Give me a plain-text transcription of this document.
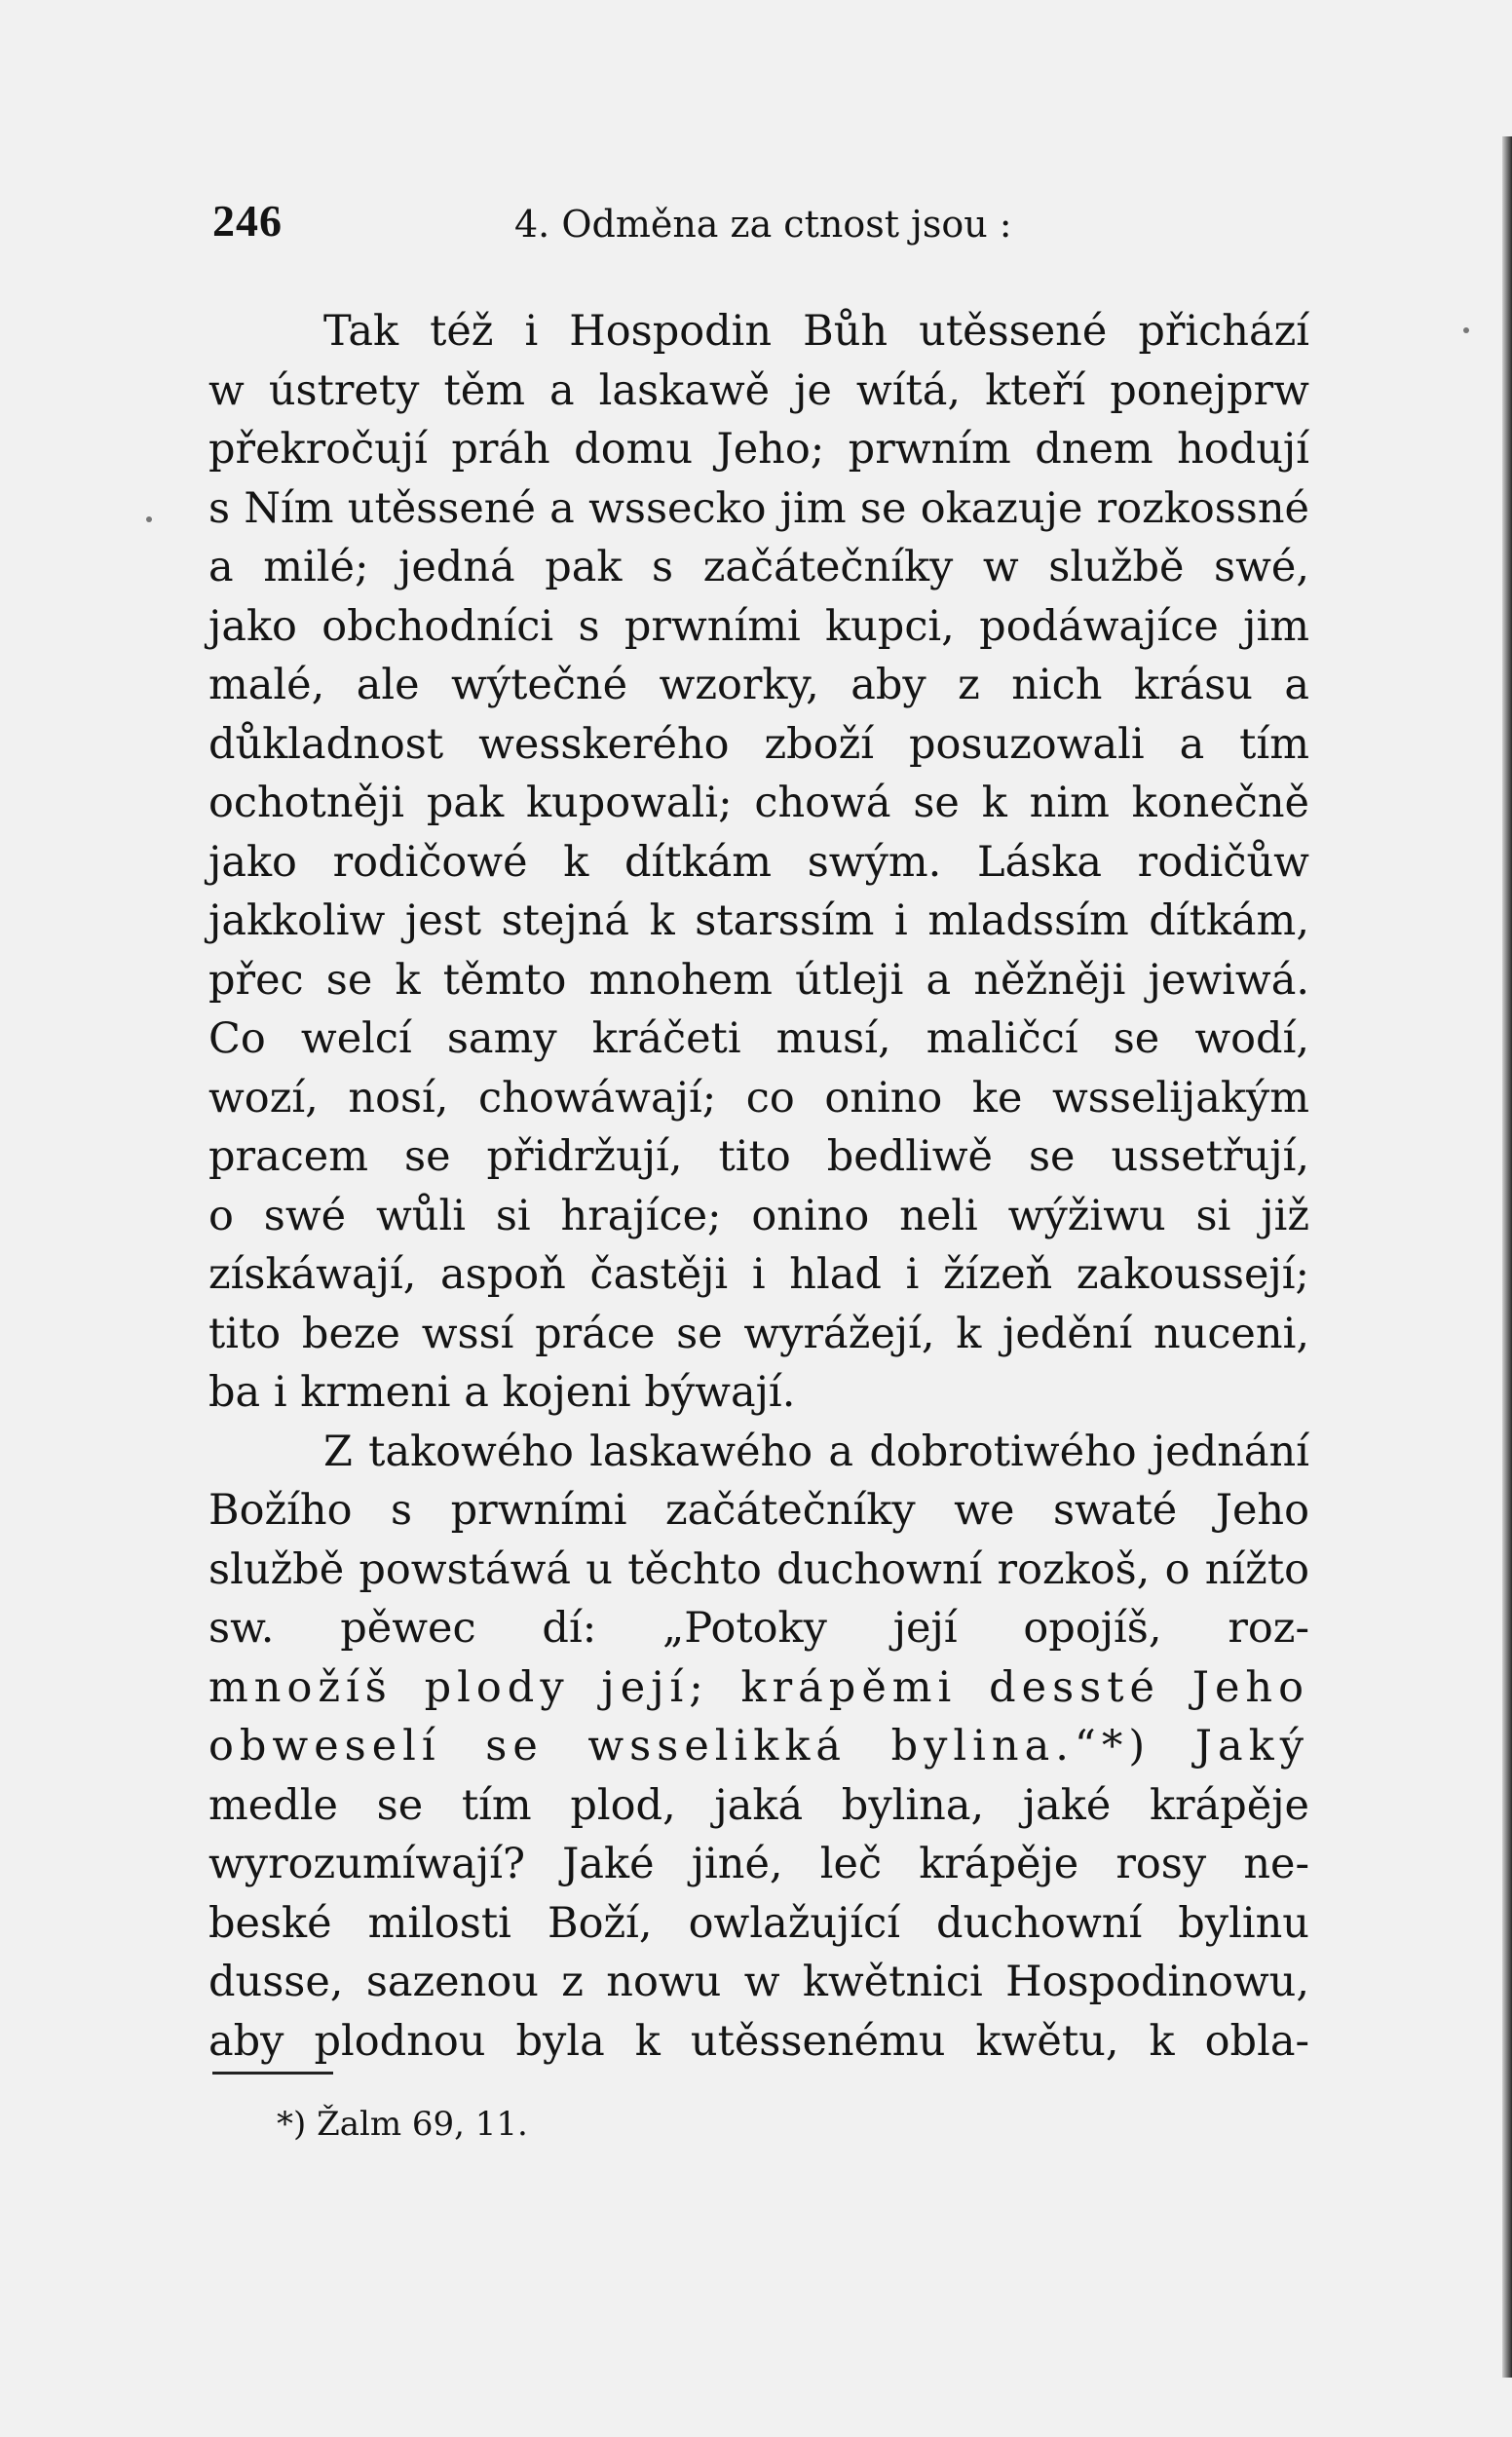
246	4. Odměna za ctnost jsou :
Tak též i Hospodin Bůh utěssené přichází
w ústrety těm a laskawě je wítá, kteří ponejprw
překročují práh domu Jeho; prwním dnem hodují
s Ním utěssené a wssecko jim se okazuje rozkossné
a milé; jedná pak s začátečníky w službě swé,
jako obchodníci s prwními kupci, podáwajíce jim
malé, ale wýtečné wzorky, aby z nich krásu a
důkladnost wesskerého zboží posuzowali a tím
ochotněji pak kupowali; chowá se k nim konečně
jako rodičowé k dítkám swým. Láska rodičůw
jakkoliw jest stejná k starssím i mladssím dítkám,
přec se k těmto mnohem útleji a něžněji jewiwá.
Co welcí samy kráčeti musí, maličcí se wodí,
wozí, nosí, chowáwají; co onino ke wsselijakým
pracem se přidržují, tito bedliwě se ussetřují,
o swé wůli si hrajíce; onino neli wýžiwu si již
získáwají, aspoň častěji i hlad i žízeň zakoussejí;
tito beze wssí práce se wyrážejí, k jedění nuceni,
ba i krmeni a kojeni býwají.
Z takowého laskawého a dobrotiwého jednání
Božího s prwními začátečníky we swaté Jeho
službě powstáwá u těchto duchowní rozkoš, o nížto
sw. pěwec dí: „Potoky její opojíš, roz-
množíš plody její; krápěmi dessté Jeho
obweselí se wsselikká bylina.“*) Jaký
medle se tím plod, jaká bylina, jaké krápěje
wyrozumíwají? Jaké jiné, leč krápěje rosy ne-
beské milosti Boží, owlažující duchowní bylinu
dusse, sazenou z nowu w kwětnici Hospodinowu,
aby plodnou byla k utěssenému kwětu, k obla-
*) Žalm 69, 11.
